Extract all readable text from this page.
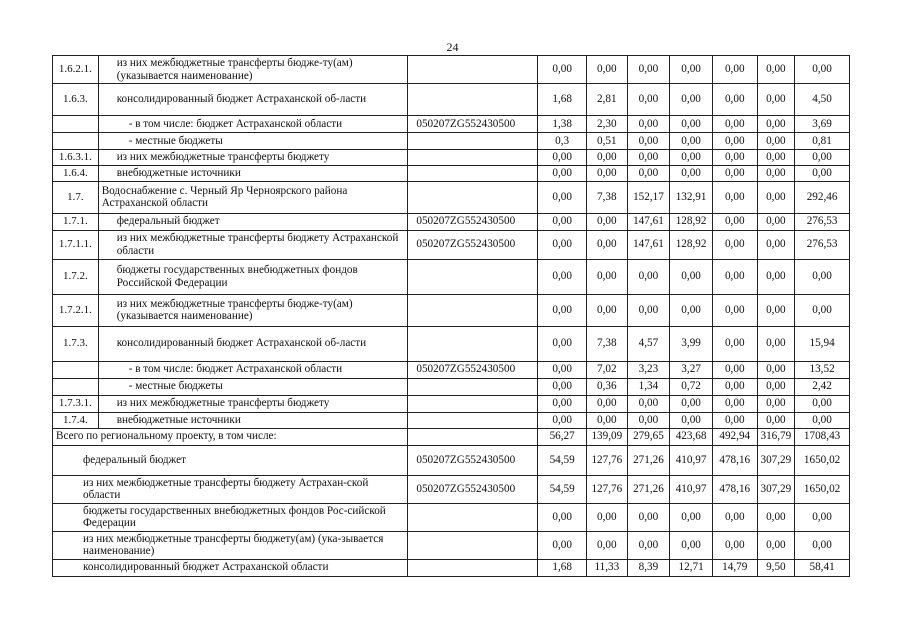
24
1.6.2.1.	из них межбюджетные трансферты бюдже-ту(ам) (указывается наименование)		0,00	0,00	0,00	0,00	0,00	0,00	0,00
1.6.3.	консолидированный бюджет Астраханской об-ласти		1,68	2,81	0,00	0,00	0,00	0,00	4,50
	- в том числе: бюджет Астраханской области	050207ZG552430500	1,38	2,30	0,00	0,00	0,00	0,00	3,69
	- местные бюджеты		0,3	0,51	0,00	0,00	0,00	0,00	0,81
1.6.3.1.	из них межбюджетные трансферты бюджету		0,00	0,00	0,00	0,00	0,00	0,00	0,00
1.6.4.	внебюджетные источники		0,00	0,00	0,00	0,00	0,00	0,00	0,00
1.7.	Водоснабжение с. Черный Яр Черноярского района Астраханской области		0,00	7,38	152,17	132,91	0,00	0,00	292,46
1.7.1.	федеральный бюджет	050207ZG552430500	0,00	0,00	147,61	128,92	0,00	0,00	276,53
1.7.1.1.	из них межбюджетные трансферты бюджету Астраханской области	050207ZG552430500	0,00	0,00	147,61	128,92	0,00	0,00	276,53
1.7.2.	бюджеты государственных внебюджетных фондов Российской Федерации		0,00	0,00	0,00	0,00	0,00	0,00	0,00
1.7.2.1.	из них межбюджетные трансферты бюдже-ту(ам) (указывается наименование)		0,00	0,00	0,00	0,00	0,00	0,00	0,00
1.7.3.	консолидированный бюджет Астраханской об-ласти		0,00	7,38	4,57	3,99	0,00	0,00	15,94
	- в том числе: бюджет Астраханской области	050207ZG552430500	0,00	7,02	3,23	3,27	0,00	0,00	13,52
	- местные бюджеты		0,00	0,36	1,34	0,72	0,00	0,00	2,42
1.7.3.1.	из них межбюджетные трансферты бюджету		0,00	0,00	0,00	0,00	0,00	0,00	0,00
1.7.4.	внебюджетные источники		0,00	0,00	0,00	0,00	0,00	0,00	0,00
Всего по региональному проекту, в том числе:			56,27	139,09	279,65	423,68	492,94	316,79	1708,43
федеральный бюджет		050207ZG552430500	54,59	127,76	271,26	410,97	478,16	307,29	1650,02
из них межбюджетные трансферты бюджету Астрахан-ской области		050207ZG552430500	54,59	127,76	271,26	410,97	478,16	307,29	1650,02
бюджеты государственных внебюджетных фондов Рос-сийской Федерации			0,00	0,00	0,00	0,00	0,00	0,00	0,00
из них межбюджетные трансферты бюджету(ам) (ука-зывается наименование)			0,00	0,00	0,00	0,00	0,00	0,00	0,00
консолидированный бюджет Астраханской области			1,68	11,33	8,39	12,71	14,79	9,50	58,41
